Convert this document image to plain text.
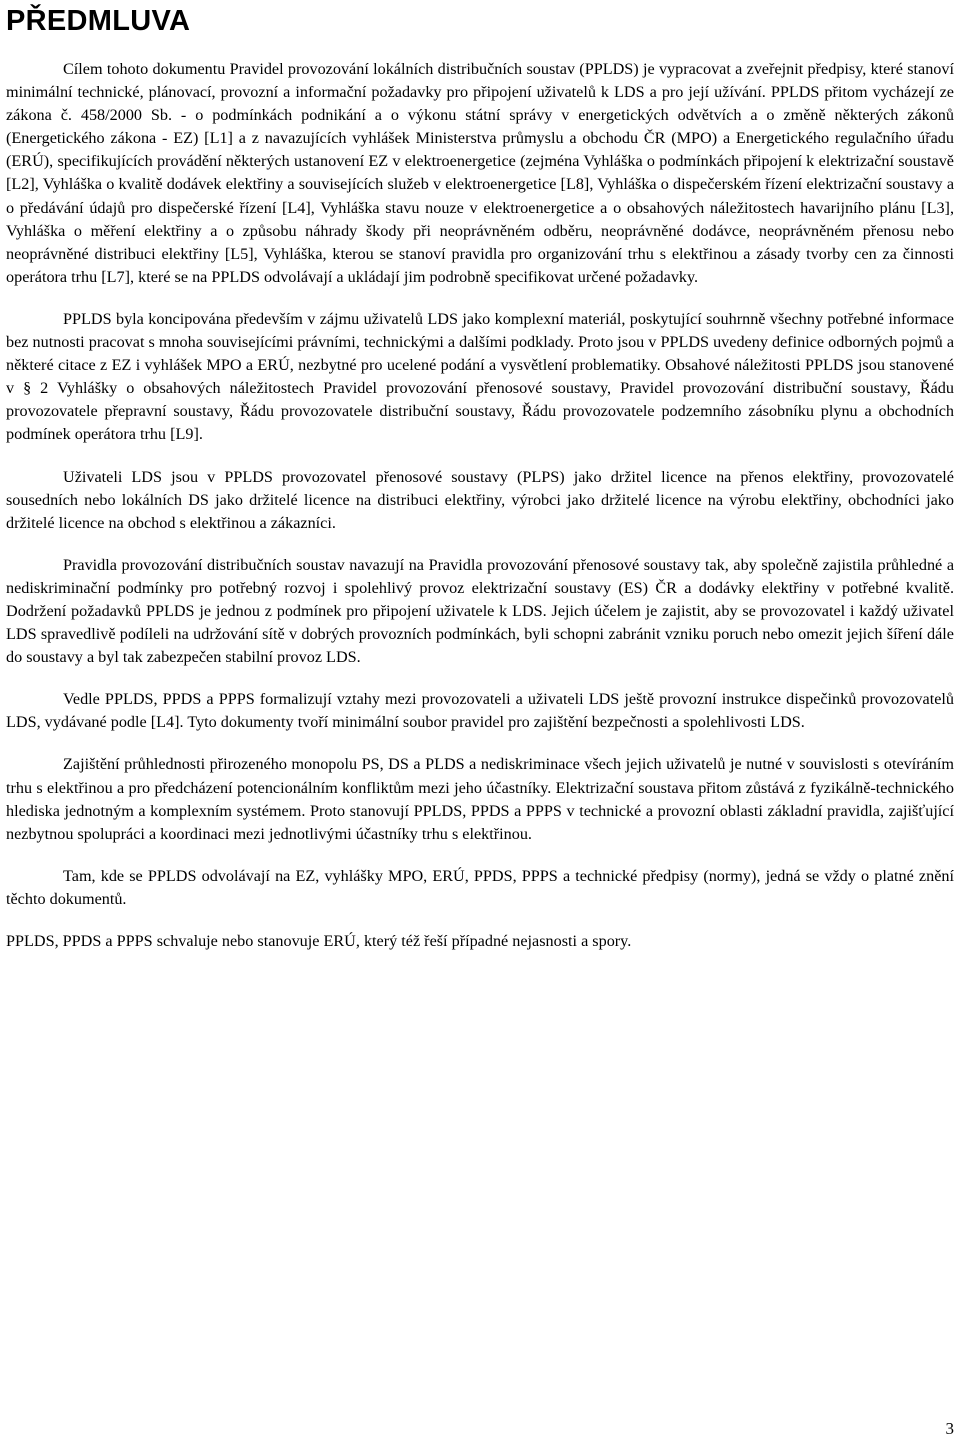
PŘEDMLUVA

Cílem tohoto dokumentu Pravidel provozování lokálních distribučních soustav (PPLDS) je vypracovat a zveřejnit předpisy, které stanoví minimální technické, plánovací, provozní a informační požadavky pro připojení uživatelů k LDS a pro její užívání. PPLDS přitom vycházejí ze zákona č. 458/2000 Sb. - o podmínkách podnikání a o výkonu státní správy v energetických odvětvích a o změně některých zákonů (Energetického zákona - EZ) [L1] a z navazujících vyhlášek Ministerstva průmyslu a obchodu ČR (MPO) a Energetického regulačního úřadu (ERÚ), specifikujících provádění některých ustanovení EZ v elektroenergetice (zejména Vyhláška o podmínkách připojení k elektrizační soustavě [L2], Vyhláška o kvalitě dodávek elektřiny a souvisejících služeb v elektroenergetice [L8], Vyhláška o dispečerském řízení elektrizační soustavy a o předávání údajů pro dispečerské řízení [L4], Vyhláška stavu nouze v elektroenergetice a o obsahových náležitostech havarijního plánu [L3], Vyhláška o měření elektřiny a o způsobu náhrady škody při neoprávněném odběru, neoprávněné dodávce, neoprávněném přenosu nebo neoprávněné distribuci elektřiny [L5], Vyhláška, kterou se stanoví pravidla pro organizování trhu s elektřinou a zásady tvorby cen za činnosti operátora trhu [L7], které se na PPLDS odvolávají a ukládají jim podrobně specifikovat určené požadavky.

PPLDS byla koncipována především v zájmu uživatelů LDS jako komplexní materiál, poskytující souhrnně všechny potřebné informace bez nutnosti pracovat s mnoha souvisejícími právními, technickými a dalšími podklady. Proto jsou v PPLDS uvedeny definice odborných pojmů a některé citace z EZ i vyhlášek MPO a ERÚ, nezbytné pro ucelené podání a vysvětlení problematiky. Obsahové náležitosti PPLDS jsou stanovené v § 2 Vyhlášky o obsahových náležitostech Pravidel provozování přenosové soustavy, Pravidel provozování distribuční soustavy, Řádu provozovatele přepravní soustavy, Řádu provozovatele distribuční soustavy, Řádu provozovatele podzemního zásobníku plynu a obchodních podmínek operátora trhu [L9].

Uživateli LDS jsou v PPLDS provozovatel přenosové soustavy (PLPS) jako držitel licence na přenos elektřiny, provozovatelé sousedních nebo lokálních DS jako držitelé licence na distribuci elektřiny, výrobci jako držitelé licence na výrobu elektřiny, obchodníci jako držitelé licence na obchod s elektřinou a zákazníci.

Pravidla provozování distribučních soustav navazují na Pravidla provozování přenosové soustavy tak, aby společně zajistila průhledné a nediskriminační podmínky pro potřebný rozvoj i spolehlivý provoz elektrizační soustavy (ES) ČR a dodávky elektřiny v potřebné kvalitě. Dodržení požadavků PPLDS je jednou z podmínek pro připojení uživatele k LDS. Jejich účelem je zajistit, aby se provozovatel i každý uživatel LDS spravedlivě podíleli na udržování sítě v dobrých provozních podmínkách, byli schopni zabránit vzniku poruch nebo omezit jejich šíření dále do soustavy a byl tak zabezpečen stabilní provoz LDS.

Vedle PPLDS, PPDS a PPPS formalizují vztahy mezi provozovateli a uživateli LDS ještě provozní instrukce dispečinků provozovatelů LDS, vydávané podle [L4]. Tyto dokumenty tvoří minimální soubor pravidel pro zajištění bezpečnosti a spolehlivosti LDS.

Zajištění průhlednosti přirozeného monopolu PS, DS a PLDS a nediskriminace všech jejich uživatelů je nutné v souvislosti s otevíráním trhu s elektřinou a pro předcházení potencionálním konfliktům mezi jeho účastníky. Elektrizační soustava přitom zůstává z fyzikálně-technického hlediska jednotným a komplexním systémem. Proto stanovují PPLDS, PPDS a PPPS v technické a provozní oblasti základní pravidla, zajišťující nezbytnou spolupráci a koordinaci mezi jednotlivými účastníky trhu s elektřinou.

Tam, kde se PPLDS odvolávají na EZ, vyhlášky MPO, ERÚ, PPDS, PPPS a technické předpisy (normy), jedná se vždy o platné znění těchto dokumentů.

PPLDS, PPDS a PPPS schvaluje nebo stanovuje ERÚ, který též řeší případné nejasnosti a spory.

3
